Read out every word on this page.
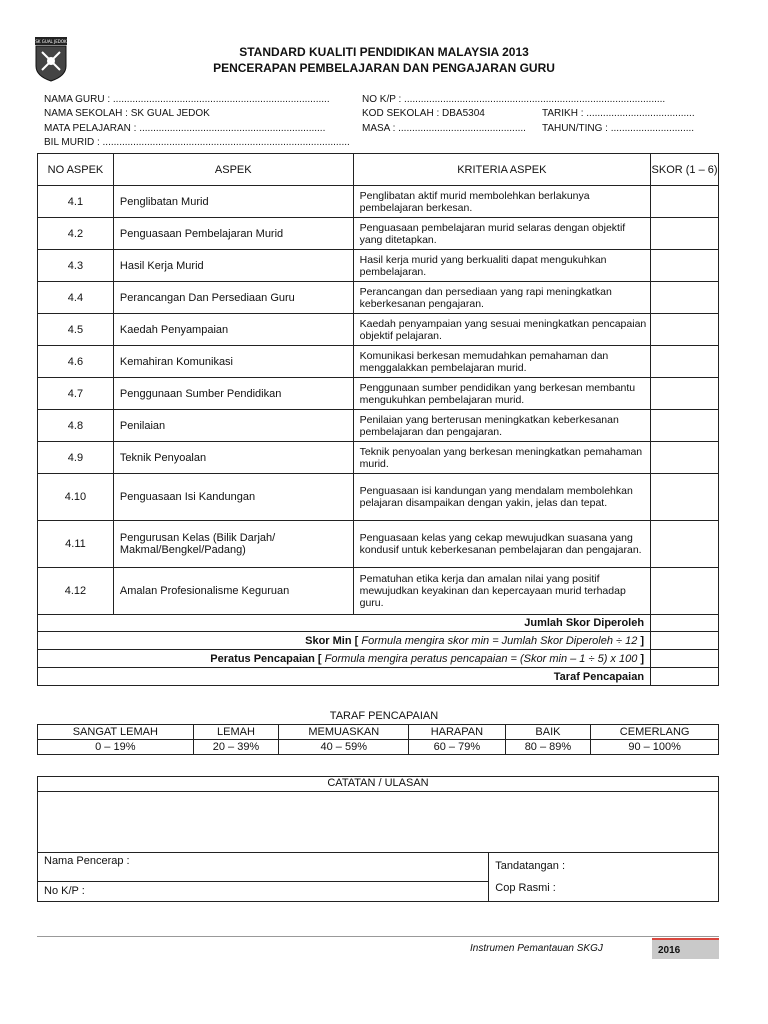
SK GUAL JEDOK
STANDARD KUALITI PENDIDIKAN MALAYSIA 2013
PENCERAPAN PEMBELAJARAN DAN PENGAJARAN GURU
NAMA GURU : ..............................................................................	NO K/P : ..............................................................................................
NAMA SEKOLAH : SK GUAL JEDOK	KOD SEKOLAH : DBA5304	TARIKH : .......................................
MATA PELAJARAN : ...................................................................	MASA : .............................................. TAHUN/TING : ..............................
BIL MURID : .........................................................................................
NO ASPEK	ASPEK	KRITERIA ASPEK	SKOR (1 – 6)
4.1	Penglibatan Murid	Penglibatan aktif murid membolehkan berlakunya pembelajaran berkesan.	
4.2	Penguasaan Pembelajaran Murid	Penguasaan pembelajaran murid selaras dengan objektif yang ditetapkan.	
4.3	Hasil Kerja Murid	Hasil kerja murid yang berkualiti dapat mengukuhkan pembelajaran.	
4.4	Perancangan Dan Persediaan Guru	Perancangan dan persediaan yang rapi meningkatkan keberkesanan pengajaran.	
4.5	Kaedah Penyampaian	Kaedah penyampaian yang sesuai meningkatkan pencapaian objektif pelajaran.	
4.6	Kemahiran Komunikasi	Komunikasi berkesan memudahkan pemahaman dan menggalakkan pembelajaran murid.	
4.7	Penggunaan Sumber Pendidikan	Penggunaan sumber pendidikan yang berkesan membantu mengukuhkan pembelajaran murid.	
4.8	Penilaian	Penilaian yang berterusan meningkatkan keberkesanan pembelajaran dan pengajaran.	
4.9	Teknik Penyoalan	Teknik penyoalan yang berkesan meningkatkan pemahaman murid.	
4.10	Penguasaan Isi Kandungan	Penguasaan isi kandungan yang mendalam membolehkan pelajaran disampaikan dengan yakin, jelas dan tepat.	
4.11	Pengurusan Kelas (Bilik Darjah/ Makmal/Bengkel/Padang)	Penguasaan kelas yang cekap mewujudkan suasana yang kondusif untuk keberkesanan pembelajaran dan pengajaran.	
4.12	Amalan Profesionalisme Keguruan	Pematuhan etika kerja dan amalan nilai yang positif mewujudkan keyakinan dan kepercayaan murid terhadap guru.	
Jumlah Skor Diperoleh			
Skor Min [ Formula mengira skor min = Jumlah Skor Diperoleh ÷ 12 ]			
Peratus Pencapaian [ Formula mengira peratus pencapaian = (Skor min – 1 ÷ 5) x 100 ]			
Taraf Pencapaian			
TARAF PENCAPAIAN
SANGAT LEMAH	LEMAH	MEMUASKAN	HARAPAN	BAIK	CEMERLANG
0 – 19%	20 – 39%	40 – 59%	60 – 79%	80 – 89%	90 – 100%
CATATAN / ULASAN

Nama Pencerap :	Tandatangan :
Cop Rasmi :

No K/P :
Instrumen Pemantauan SKGJ	2016
